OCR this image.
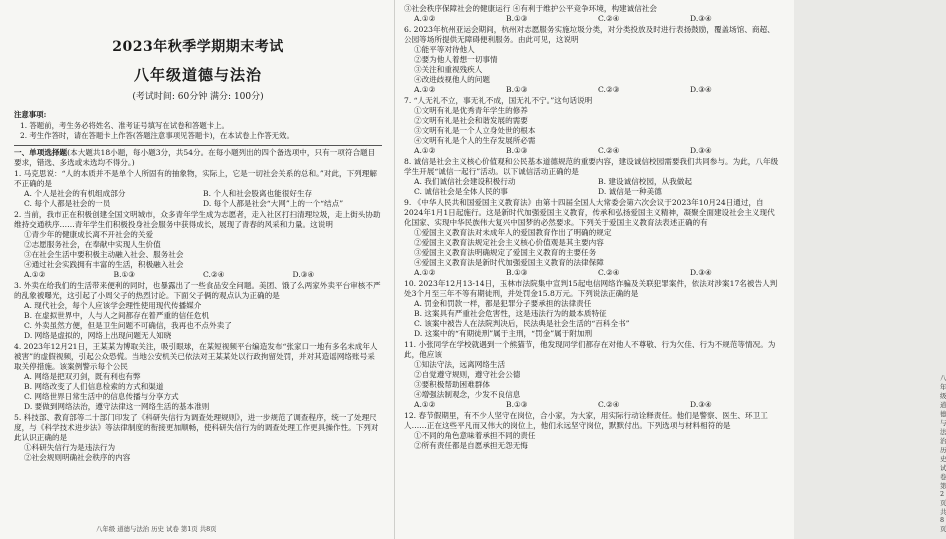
2023年秋季学期期末考试
八年级道德与法治
(考试时间: 60分钟 满分: 100分)
注意事项:
1. 答题前，考生务必将姓名、准考证号填写在试卷和答题卡上。
2. 考生作答时，请在答题卡上作答(答题注意事项见答题卡)，在本试卷上作答无效。
一、单项选择题(本大题共18小题，每小题3分，共54分。在每小题列出的四个备选项中，只有一项符合题目要求，错选、多选或未选均不得分。)
1. 马克思说：“人的本质并不是单个人所固有的抽象物，实际上，它是一切社会关系的总和。”对此，下列理解不正确的是
A. 个人是社会的有机组成部分	B. 个人和社会股离也能很好生存
C. 每个人都是社会的一员	D. 每个人都是社会“大网”上的一个“结点”
2. 当前，我市正在积极创建全国文明城市，众多青年学生成为志愿者，走入社区打扫清理垃圾，走上街头协助维持交通秩序……青年学生们积极投身社会服务中获得成长，展现了青春的风采和力量。这说明
①青少年的健康成长离不开社会的关爱
②志愿服务社会，在奉献中实现人生价值
③在社会生活中要积极主动融入社会、服务社会
④通过社会实践拥有丰富的生活，积极融入社会
A.①②	B.①③	C.②④	D.③④
3. 外卖在给我们的生活带来便利的同时，也暴露出了一些食品安全问题。美团、饿了么两家外卖平台审核不严的乱象被曝光，这引起了小周父子的热烈讨论。下面父子俩的观点认为正确的是
A. 现代社会，每个人应该学会理性使用现代传播媒介
B. 在虚拟世界中，人与人之间都存在着严重的信任危机
C. 外卖虽然方便，但是卫生问题不可确信，我再也不点外卖了
D. 网络是虚拟的，网络上出现问题无人知晓
4. 2023年12月21日，王某某为博取关注，吸引眼球，在某短视频平台编造发布“张家口一地有多名未成年人被害”的虚假视频，引起公众恐慌。当地公安机关已依法对王某某处以行政拘留处罚，并对其造谣网络账号采取关停措施。该案例警示每个公民
A. 网络是把双刃剑，既有利也有弊
B. 网络改变了人们信息检索的方式和渠道
C. 网络世界日常生活中的信息传播与分享方式
D. 要做到网络法治，遵守法律这一网络生活的基本准则
5. 科技部、教育部等二十部门印发了《科研失信行为调查处理规则》，进一步规范了调查程序，统一了处理尺度，与《科学技术进步法》等法律制度的衔接更加顺畅，使科研失信行为的调查处理工作更具操作性。下列对此认识正确的是
①科研失信行为是违法行为
②社会规则明确社会秩序的内容
八年级 道德与法治 历史 试卷 第1页 共8页
③社会秩序保障社会的健康运行 ④有利于维护公平竞争环境，构建诚信社会
A.①②	B.①③	C.②④	D.③④
6. 2023年杭州亚运会期间，杭州对志愿服务实施垃圾分类，对分类投放及时进行表扬鼓励，覆盖场馆、商超、公园等场所提供无障碍便利服务。由此可见，这说明
①能平等对待他人
②要为他人着想一切事情
③关注和重视残疾人
④改进歧视他人的问题
A.①②	B.①③	C.②③	D.③④
7. “人无礼不立，事无礼不成，国无礼不宁。”这句话说明
①文明有礼是优秀青年学生的修养
②文明有礼是社会和谐发展的需要
③文明有礼是一个人立身处世的根本
④文明有礼是个人的生存发展所必需
A.①②	B.①③	C.②④	D.③④
8. 诚信是社会主义核心价值观和公民基本道德规范的重要内容，建设诚信校园需要我们共同参与。为此，八年级学生开展“诚信一起行”活动。以下诚信活动正确的是
A. 我们诚信社会建设积极行动	B. 建设诚信校园，从我做起
C. 诚信社会是全体人民的事	D. 诚信是一种美德
9. 《中华人民共和国爱国主义教育法》由第十四届全国人大常委会第六次会议于2023年10月24日通过，自2024年1月1日起施行。这是新时代加强爱国主义教育，传承和弘扬爱国主义精神，凝聚全面建设社会主义现代化国家、实现中华民族伟大复兴中国梦的必然要求。下列关于爱国主义教育法表述正确的有
①爱国主义教育法对未成年人的爱国教育作出了明确的规定
②爱国主义教育法规定社会主义核心价值观是其主要内容
③爱国主义教育法明确规定了爱国主义教育的主要任务
④爱国主义教育法是新时代加强爱国主义教育的法律保障
A.①②	B.①③	C.②④	D.③④
10. 2023年12月13-14日，玉林市法院集中宣判15起电信网络诈骗及关联犯罪案件，依法对涉案17名被告人判处3个月至三年不等有期徒刑，并处罚金15.8万元。下列说法正确的是
A. 罚金和罚款一样，都是犯罪分子要承担的法律责任
B. 这案具有严重社会危害性，这是违法行为的最本质特征
C. 该案中被告人在法院判决后，民法典是社会生活的“百科全书”
D. 这案中的“有期徒刑”属于主刑，“罚金”属于附加刑
11. 小张同学在学校就遇到一个熊猫节，他发现同学们都存在对他人不尊敬、行为欠佳、行为不规范等情况。为此，他应该
①知法守法，远离网络生活
②自觉遵守规则，遵守社会公德
③要积极帮助困难群体
④增强法制观念，少发不良信息
A.①②	B.①③	C.②④	D.③④
12. 春节假期里，有不少人坚守在岗位，合小家，为大家，用实际行动诠释责任。他们是警察、医生、环卫工人……正在这些平凡而又伟大的岗位上，他们永远坚守岗位，默默付出。下列选项与材料相符的是
①不同的角色意味着承担不同的责任
②所有责任都是自愿承担无怨无悔
八年级 道德与法治 历史 试卷 第2页 共8页
